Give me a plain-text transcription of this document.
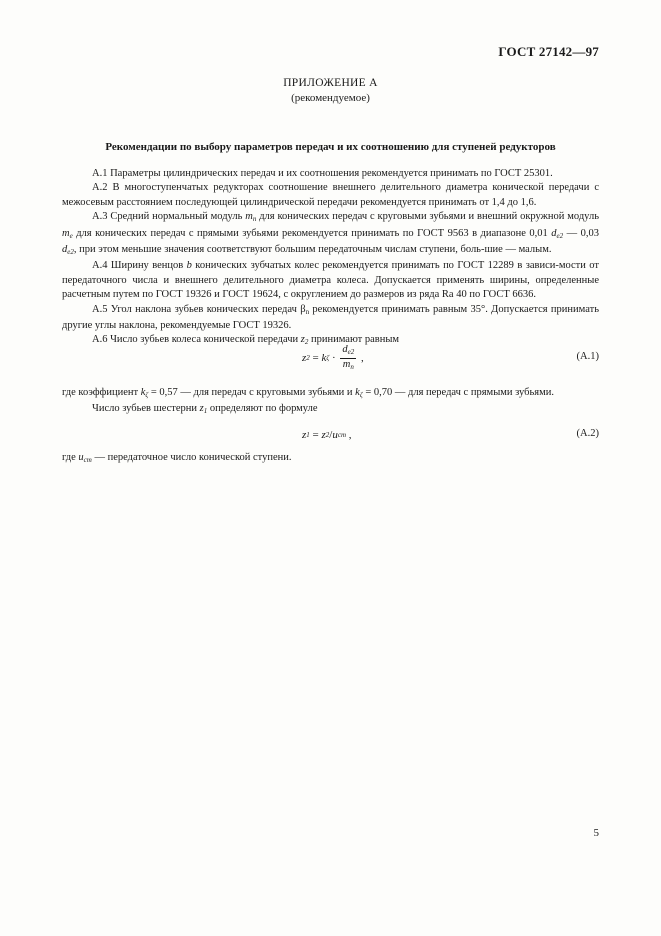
ГОСТ 27142—97
ПРИЛОЖЕНИЕ А
(рекомендуемое)
Рекомендации по выбору параметров передач и их соотношению для ступеней редукторов

А.1 Параметры цилиндрических передач и их соотношения рекомендуется принимать по ГОСТ 25301.

А.2 В многоступенчатых редукторах соотношение внешнего делительного диаметра конической передачи с межосевым расстоянием последующей цилиндрической передачи рекомендуется принимать от 1,4 до 1,6.

А.3 Средний нормальный модуль $m_n$ для конических передач с круговыми зубьями и внешний окружной модуль $m_e$ для конических передач с прямыми зубьями рекомендуется принимать по ГОСТ 9563 в диапазоне 0,01 $d_{e2}$ — 0,03 $d_{e2}$, при этом меньшие значения соответствуют большим передаточным числам ступени, боль-шие — малым.

А.4 Ширину венцов b конических зубчатых колес рекомендуется принимать по ГОСТ 12289 в зависи-мости от передаточного числа и внешнего делительного диаметра колеса. Допускается применять ширины, определенные расчетным путем по ГОСТ 19326 и ГОСТ 19624, с округлением до размеров из ряда Ra 40 по ГОСТ 6636.

А.5 Угол наклона зубьев конических передач $\beta_n$ рекомендуется принимать равным 35°. Допускается принимать другие углы наклона, рекомендуемые ГОСТ 19326.

А.6 Число зубьев колеса конической передачи $z_2$ принимают равным

z 2 = k $\zeta \cdot \frac{d_{e2}}{m_n}$ ,	(А.1)

где коэффициент $k_\zeta = 0,57$ — для передач с круговыми зубьями и $k_\zeta = 0,70$ — для передач с прямыми зубьями.

Число зубьев шестерни $z_1$ определяют по формуле

z 1 = z 2 / u ст ,	(А.2)

где $u_{ст}$ — передаточное число конической ступени.

5
